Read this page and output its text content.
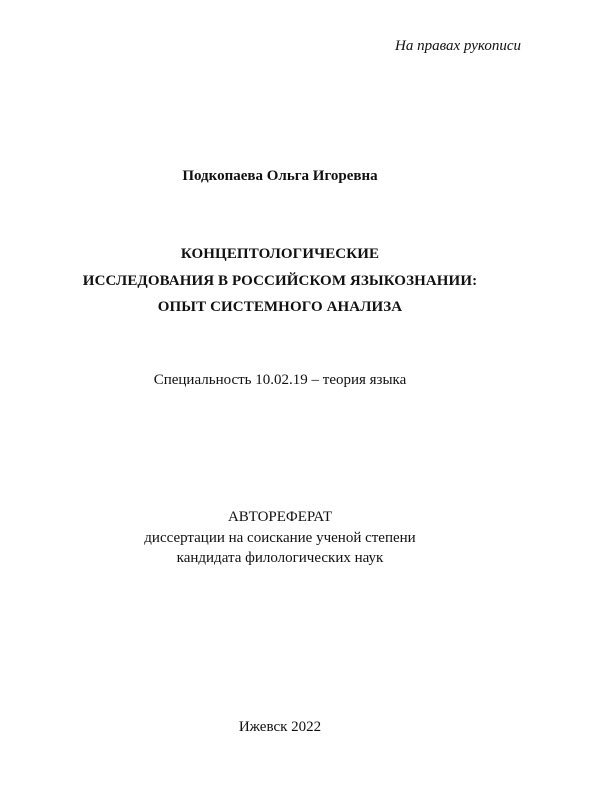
На правах рукописи
Подкопаева Ольга Игоревна
КОНЦЕПТОЛОГИЧЕСКИЕ
ИССЛЕДОВАНИЯ В РОССИЙСКОМ ЯЗЫКОЗНАНИИ:
ОПЫТ СИСТЕМНОГО АНАЛИЗА
Специальность 10.02.19 – теория языка
АВТОРЕФЕРАТ
диссертации на соискание ученой степени
кандидата филологических наук
Ижевск 2022
